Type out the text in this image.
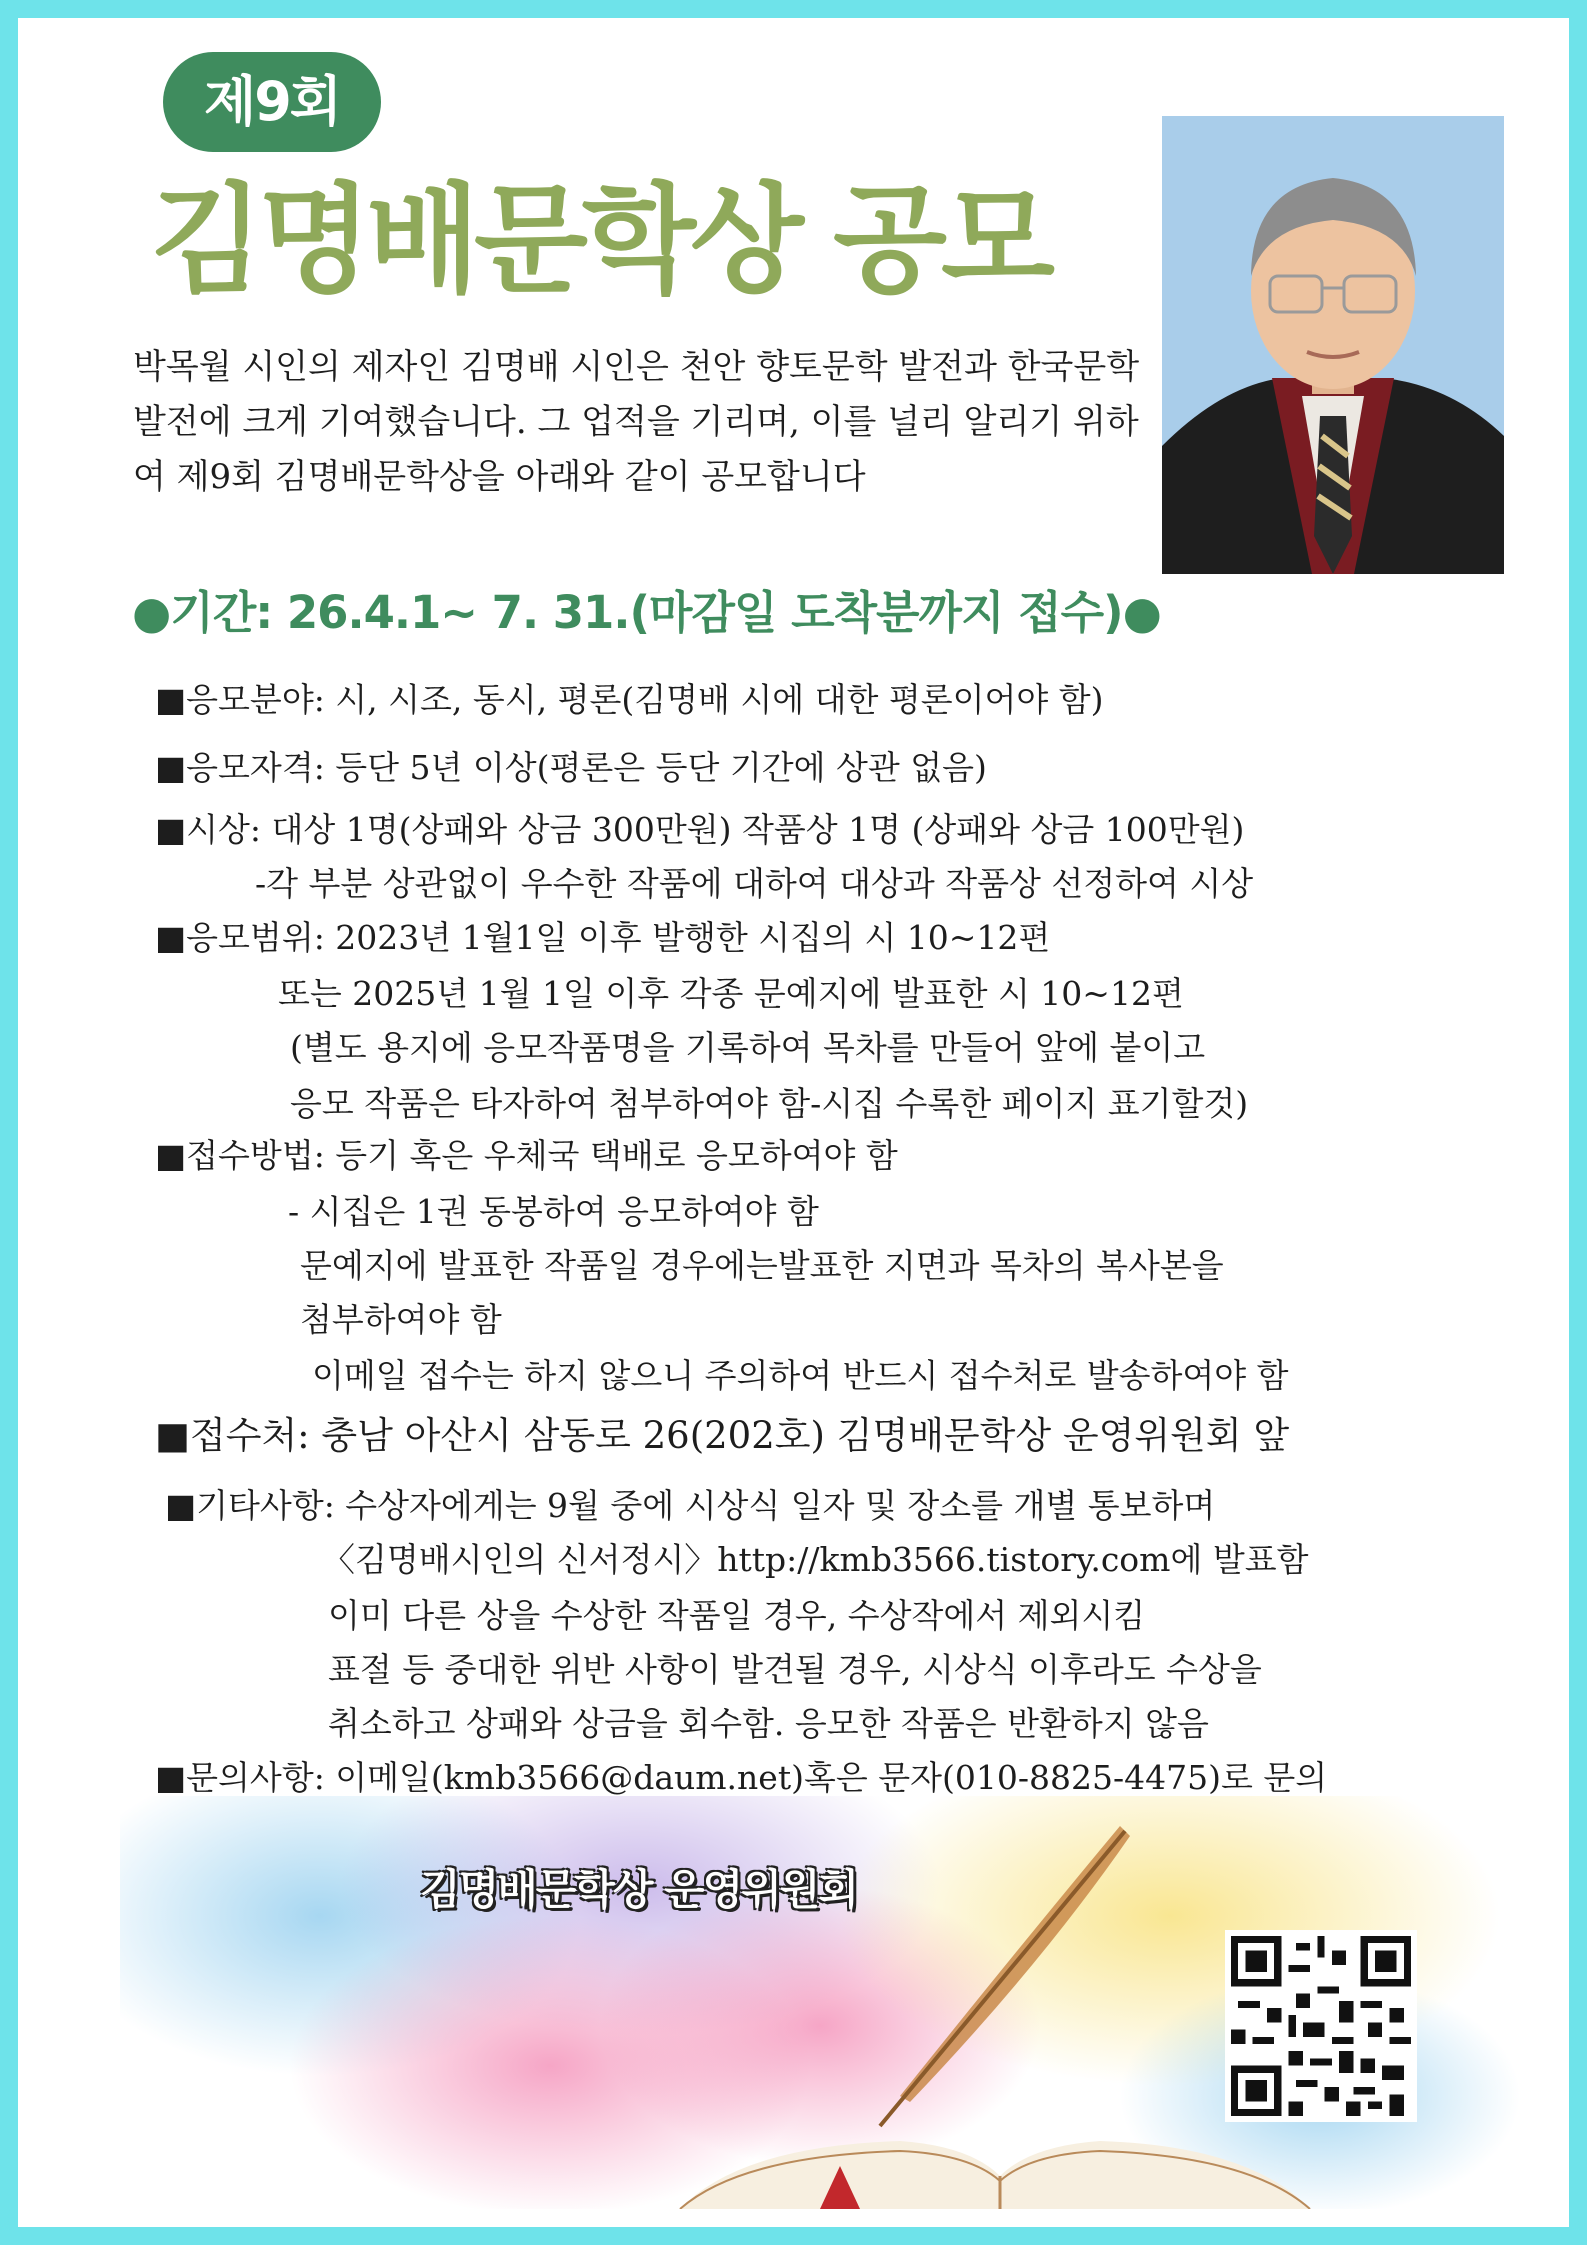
제9회
김명배문학상 공모

박목월 시인의 제자인 김명배 시인은 천안 향토문학 발전과 한국문학 발전에 크게 기여했습니다. 그 업적을 기리며, 이를 널리 알리기 위하여 제9회 김명배문학상을 아래와 같이 공모합니다

●기간: 26.4.1~ 7. 31.(마감일 도착분까지 접수)●
■응모분야: 시, 시조, 동시, 평론(김명배 시에 대한 평론이어야 함)
■응모자격: 등단 5년 이상(평론은 등단 기간에 상관 없음)
■시상: 대상 1명(상패와 상금 300만원) 작품상 1명 (상패와 상금 100만원)
-각 부분 상관없이 우수한 작품에 대하여 대상과 작품상 선정하여 시상
■응모범위: 2023년 1월1일 이후 발행한 시집의 시 10~12편
또는 2025년 1월 1일 이후 각종 문예지에 발표한 시 10~12편
(별도 용지에 응모작품명을 기록하여 목차를 만들어 앞에 붙이고
응모 작품은 타자하여 첨부하여야 함-시집 수록한 페이지 표기할것)
■접수방법: 등기 혹은 우체국 택배로 응모하여야 함
- 시집은 1권 동봉하여 응모하여야 함
문예지에 발표한 작품일 경우에는발표한 지면과 목차의 복사본을
첨부하여야 함
이메일 접수는 하지 않으니 주의하여 반드시 접수처로 발송하여야 함
■접수처: 충남 아산시 삼동로 26(202호) 김명배문학상 운영위원회 앞
■기타사항: 수상자에게는 9월 중에 시상식 일자 및 장소를 개별 통보하며
〈김명배시인의 신서정시〉http://kmb3566.tistory.com에 발표함
이미 다른 상을 수상한 작품일 경우, 수상작에서 제외시킴
표절 등 중대한 위반 사항이 발견될 경우, 시상식 이후라도 수상을
취소하고 상패와 상금을 회수함. 응모한 작품은 반환하지 않음
■문의사항: 이메일(kmb3566@daum.net)혹은 문자(010-8825-4475)로 문의
김명배문학상 운영위원회
